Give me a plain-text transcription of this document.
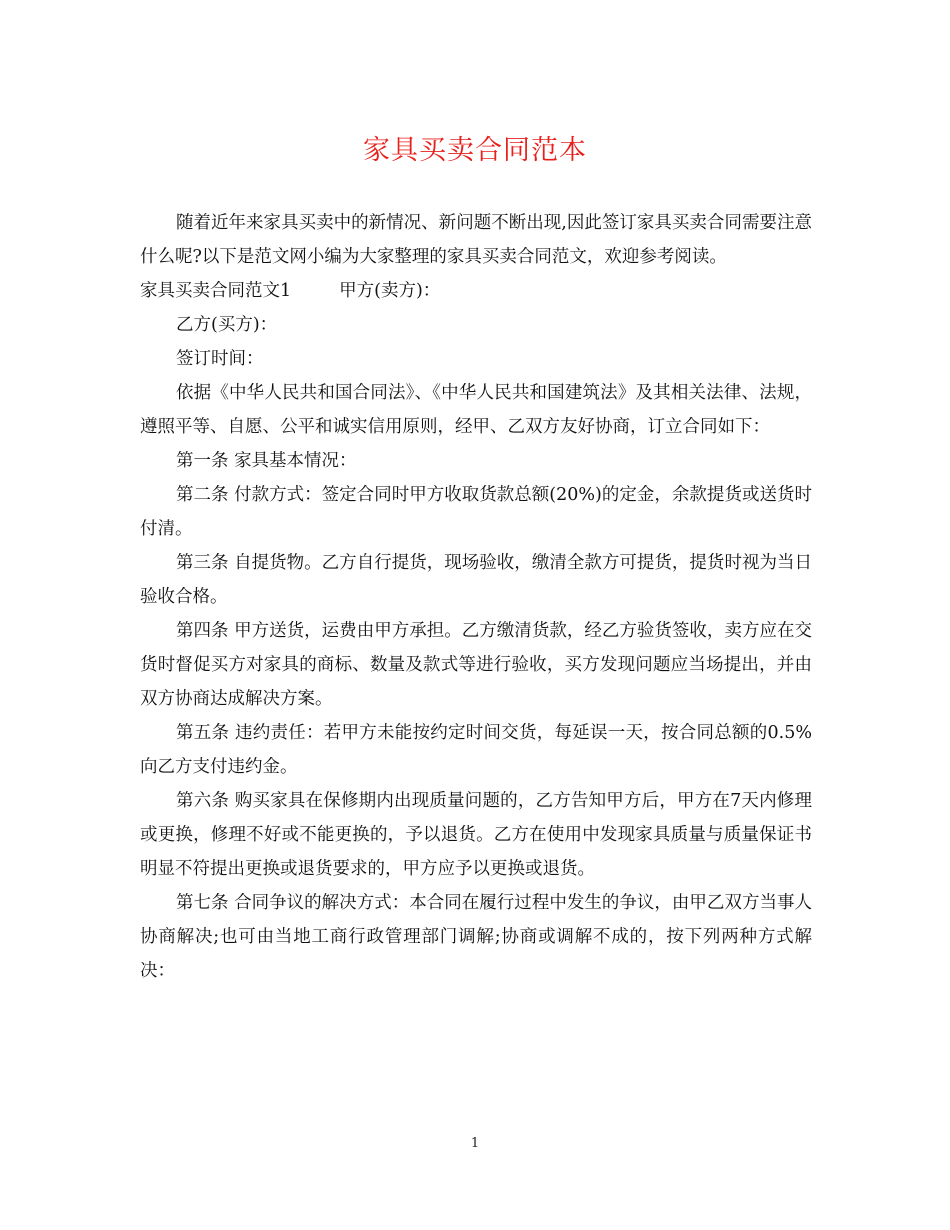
家具买卖合同范本

随着近年来家具买卖中的新情况、新问题不断出现,因此签订家具买卖合同需要注意什么呢?以下是范文网小编为大家整理的家具买卖合同范文，欢迎参考阅读。

家具买卖合同范文1	甲方(卖方)：

乙方(买方)：

签订时间：

依据《中华人民共和国合同法》、《中华人民共和国建筑法》及其相关法律、法规，遵照平等、自愿、公平和诚实信用原则，经甲、乙双方友好协商，订立合同如下：

第一条 家具基本情况：

第二条 付款方式：签定合同时甲方收取货款总额(20%)的定金，余款提货或送货时付清。

第三条 自提货物。乙方自行提货，现场验收，缴清全款方可提货，提货时视为当日验收合格。

第四条 甲方送货，运费由甲方承担。乙方缴清货款，经乙方验货签收，卖方应在交货时督促买方对家具的商标、数量及款式等进行验收，买方发现问题应当场提出，并由双方协商达成解决方案。

第五条 违约责任：若甲方未能按约定时间交货，每延误一天，按合同总额的0.5%向乙方支付违约金。

第六条 购买家具在保修期内出现质量问题的，乙方告知甲方后，甲方在7天内修理或更换，修理不好或不能更换的，予以退货。乙方在使用中发现家具质量与质量保证书明显不符提出更换或退货要求的，甲方应予以更换或退货。

第七条 合同争议的解决方式：本合同在履行过程中发生的争议，由甲乙双方当事人协商解决;也可由当地工商行政管理部门调解;协商或调解不成的，按下列两种方式解决：

1
